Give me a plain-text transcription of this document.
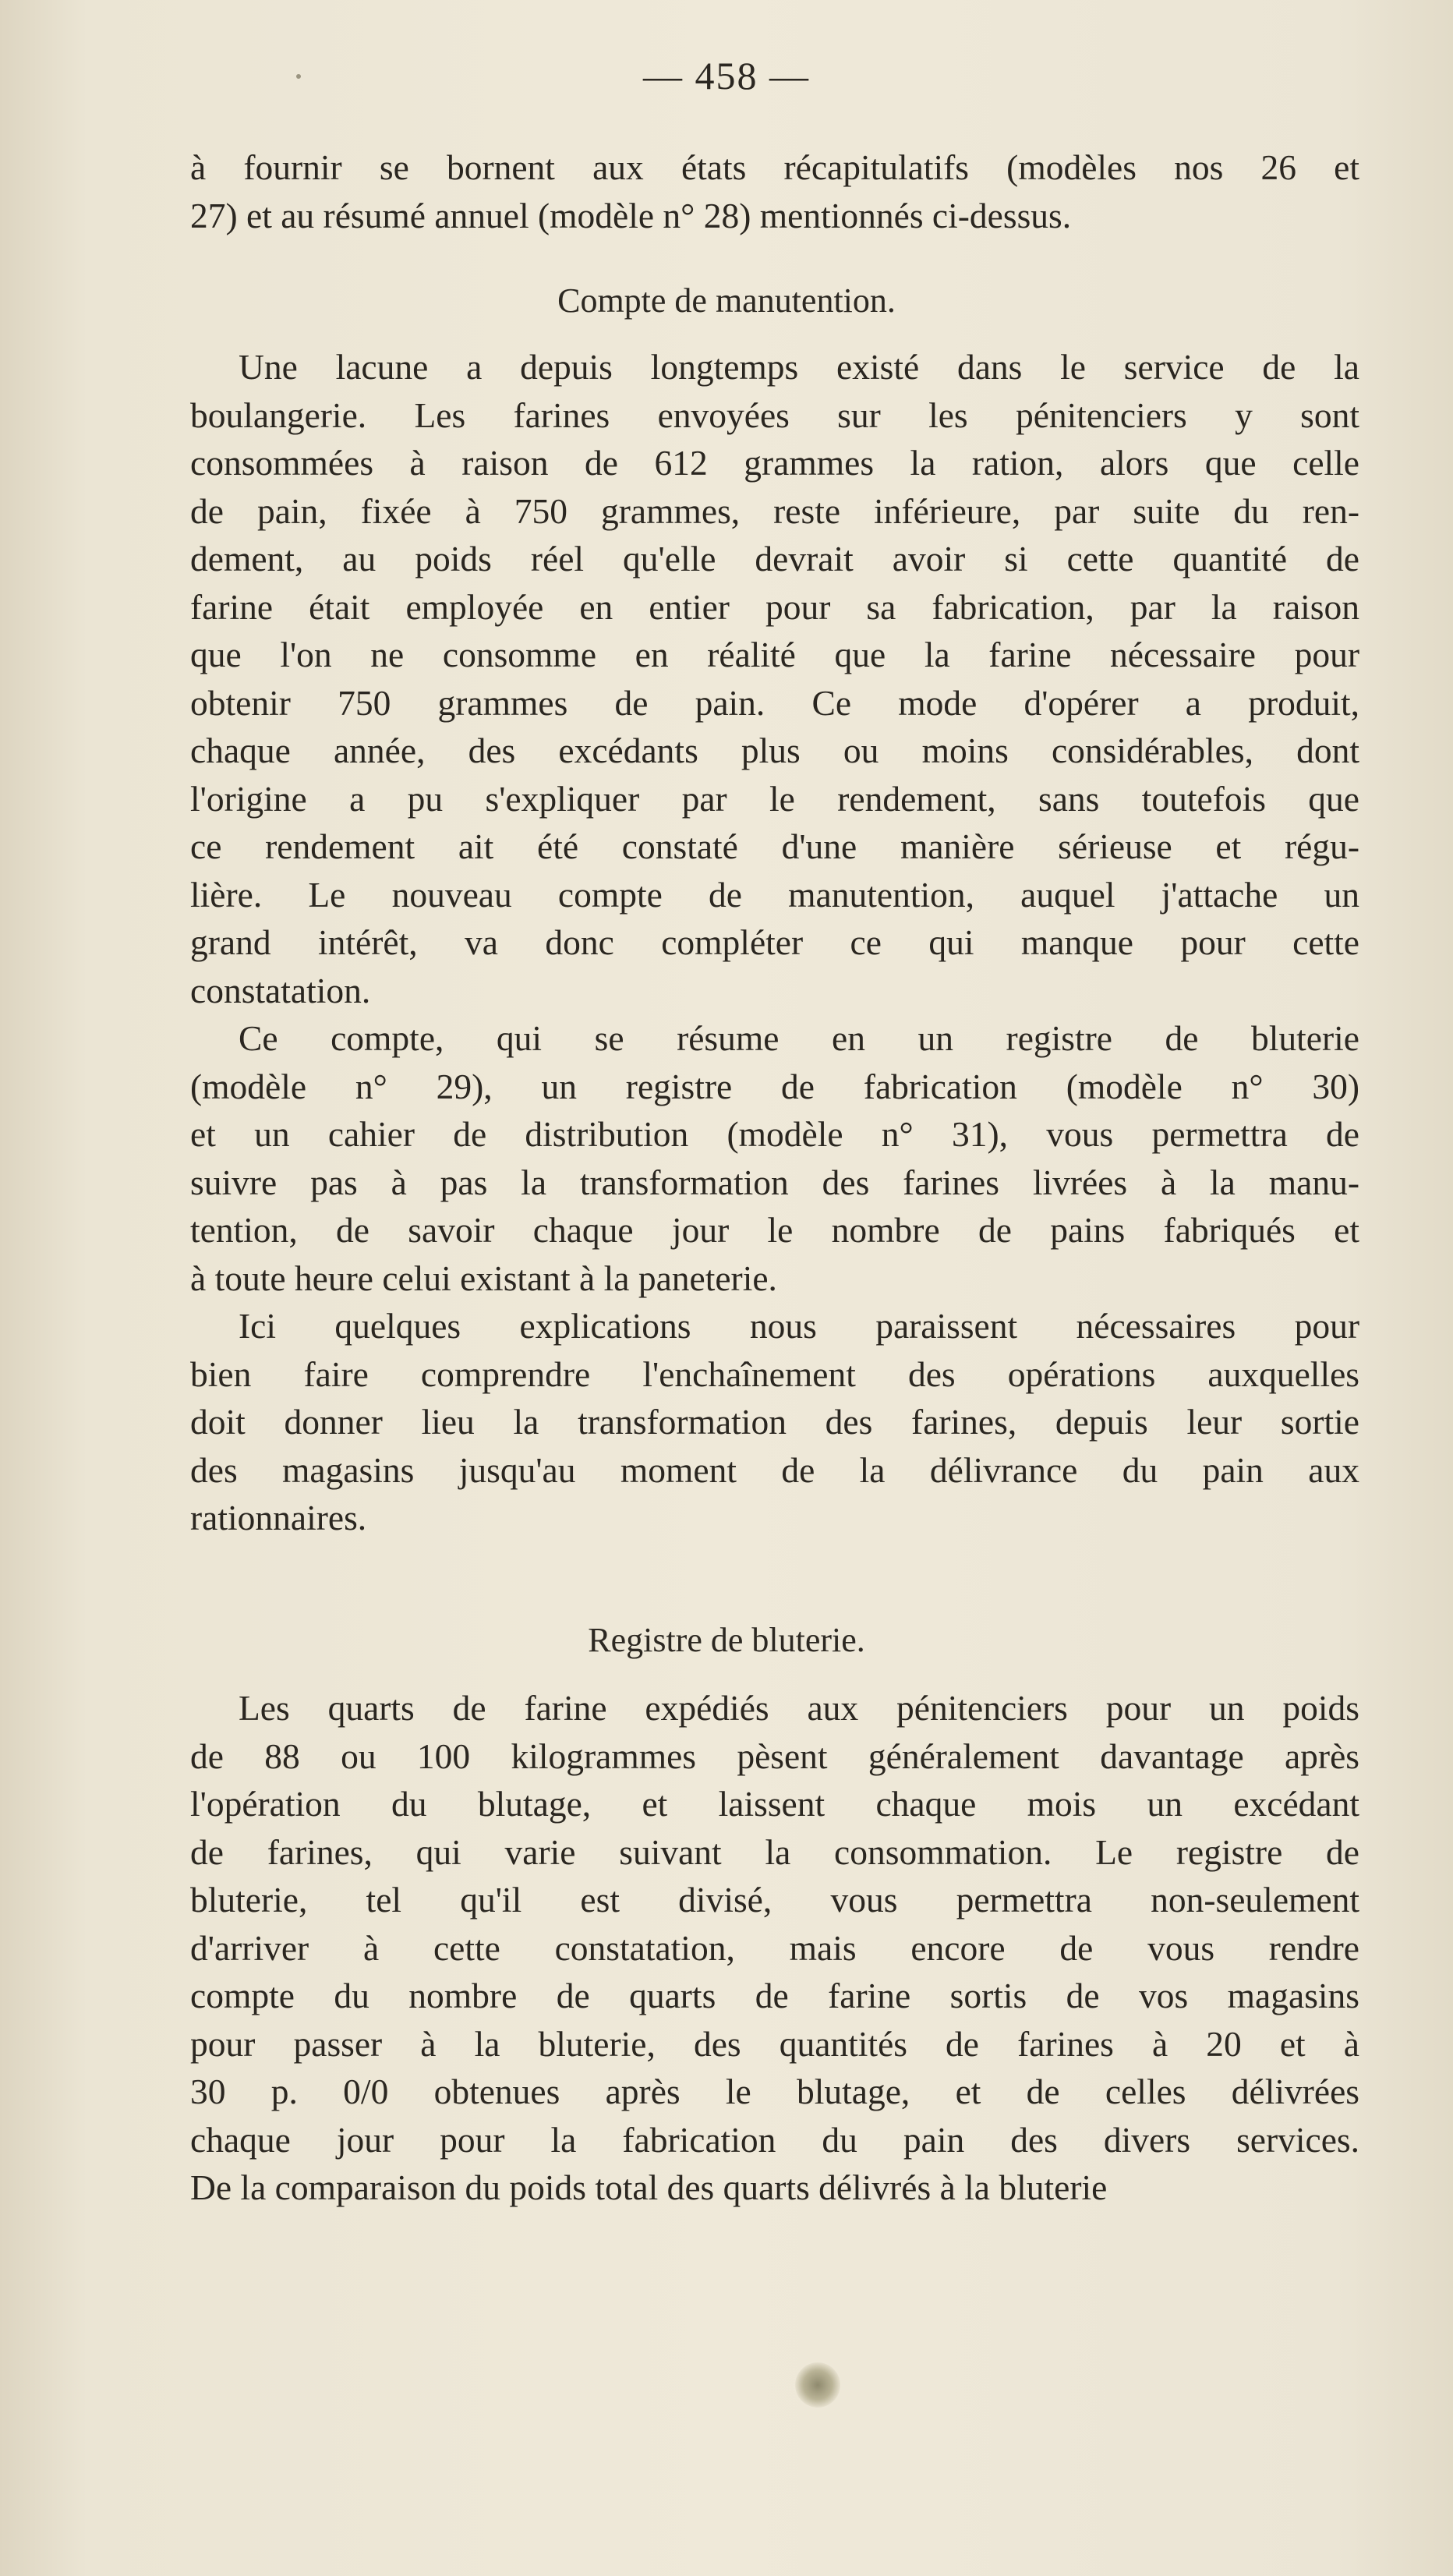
— 458 —
à fournir se bornent aux états récapitulatifs (modèles nos 26 et
27) et au résumé annuel (modèle n° 28) mentionnés ci-dessus.
Compte de manutention.
Une lacune a depuis longtemps existé dans le service de la
boulangerie. Les farines envoyées sur les pénitenciers y sont
consommées à raison de 612 grammes la ration, alors que celle
de pain, fixée à 750 grammes, reste inférieure, par suite du ren-
dement, au poids réel qu'elle devrait avoir si cette quantité de
farine était employée en entier pour sa fabrication, par la raison
que l'on ne consomme en réalité que la farine nécessaire pour
obtenir 750 grammes de pain. Ce mode d'opérer a produit,
chaque année, des excédants plus ou moins considérables, dont
l'origine a pu s'expliquer par le rendement, sans toutefois que
ce rendement ait été constaté d'une manière sérieuse et régu-
lière. Le nouveau compte de manutention, auquel j'attache un
grand intérêt, va donc compléter ce qui manque pour cette
constatation.
Ce compte, qui se résume en un registre de bluterie
(modèle n° 29), un registre de fabrication (modèle n° 30)
et un cahier de distribution (modèle n° 31), vous permettra de
suivre pas à pas la transformation des farines livrées à la manu-
tention, de savoir chaque jour le nombre de pains fabriqués et
à toute heure celui existant à la paneterie.
Ici quelques explications nous paraissent nécessaires pour
bien faire comprendre l'enchaînement des opérations auxquelles
doit donner lieu la transformation des farines, depuis leur sortie
des magasins jusqu'au moment de la délivrance du pain aux
rationnaires.
Registre de bluterie.
Les quarts de farine expédiés aux pénitenciers pour un poids
de 88 ou 100 kilogrammes pèsent généralement davantage après
l'opération du blutage, et laissent chaque mois un excédant
de farines, qui varie suivant la consommation. Le registre de
bluterie, tel qu'il est divisé, vous permettra non-seulement
d'arriver à cette constatation, mais encore de vous rendre
compte du nombre de quarts de farine sortis de vos magasins
pour passer à la bluterie, des quantités de farines à 20 et à
30 p. 0/0 obtenues après le blutage, et de celles délivrées
chaque jour pour la fabrication du pain des divers services.
De la comparaison du poids total des quarts délivrés à la bluterie
